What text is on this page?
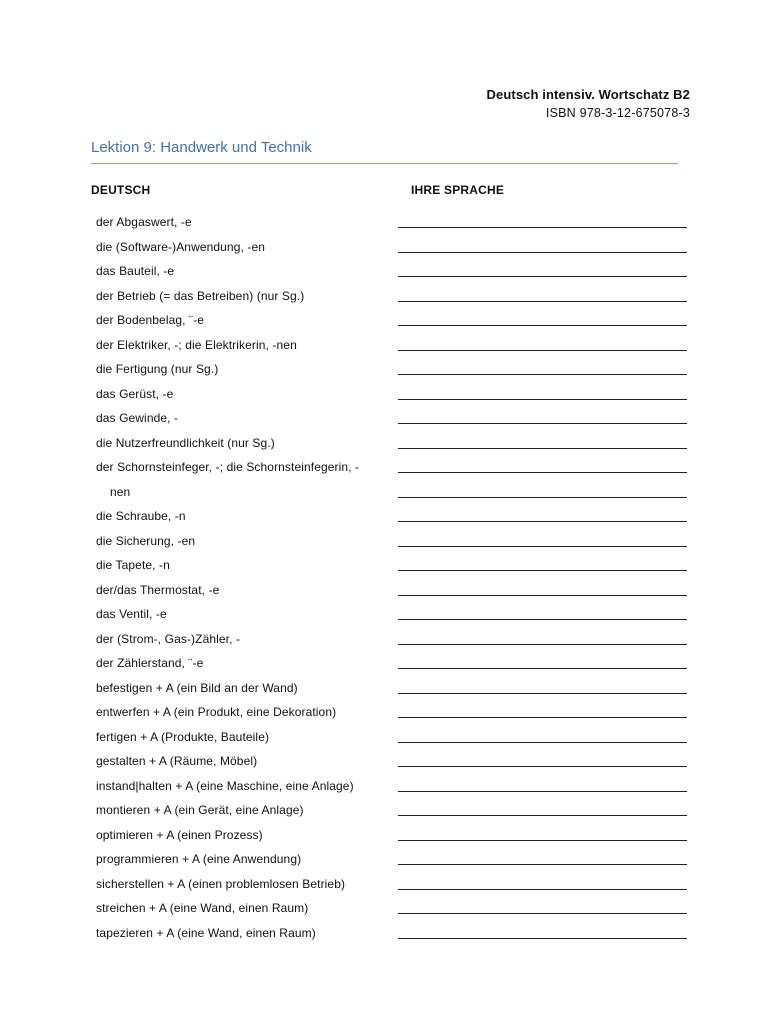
Deutsch intensiv. Wortschatz B2
ISBN 978-3-12-675078-3
Lektion 9: Handwerk und Technik
DEUTSCH	IHRE SPRACHE
der Abgaswert, -e
die (Software-)Anwendung, -en
das Bauteil, -e
der Betrieb (= das Betreiben) (nur Sg.)
der Bodenbelag, ¨-e
der Elektriker, -; die Elektrikerin, -nen
die Fertigung (nur Sg.)
das Gerüst, -e
das Gewinde, -
die Nutzerfreundlichkeit (nur Sg.)
der Schornsteinfeger, -; die Schornsteinfegerin, -
nen
die Schraube, -n
die Sicherung, -en
die Tapete, -n
der/das Thermostat, -e
das Ventil, -e
der (Strom-, Gas-)Zähler, -
der Zählerstand, ¨-e
befestigen + A (ein Bild an der Wand)
entwerfen + A (ein Produkt, eine Dekoration)
fertigen + A (Produkte, Bauteile)
gestalten + A (Räume, Möbel)
instand|halten + A (eine Maschine, eine Anlage)
montieren + A (ein Gerät, eine Anlage)
optimieren + A (einen Prozess)
programmieren + A (eine Anwendung)
sicherstellen + A (einen problemlosen Betrieb)
streichen + A (eine Wand, einen Raum)
tapezieren + A (eine Wand, einen Raum)
